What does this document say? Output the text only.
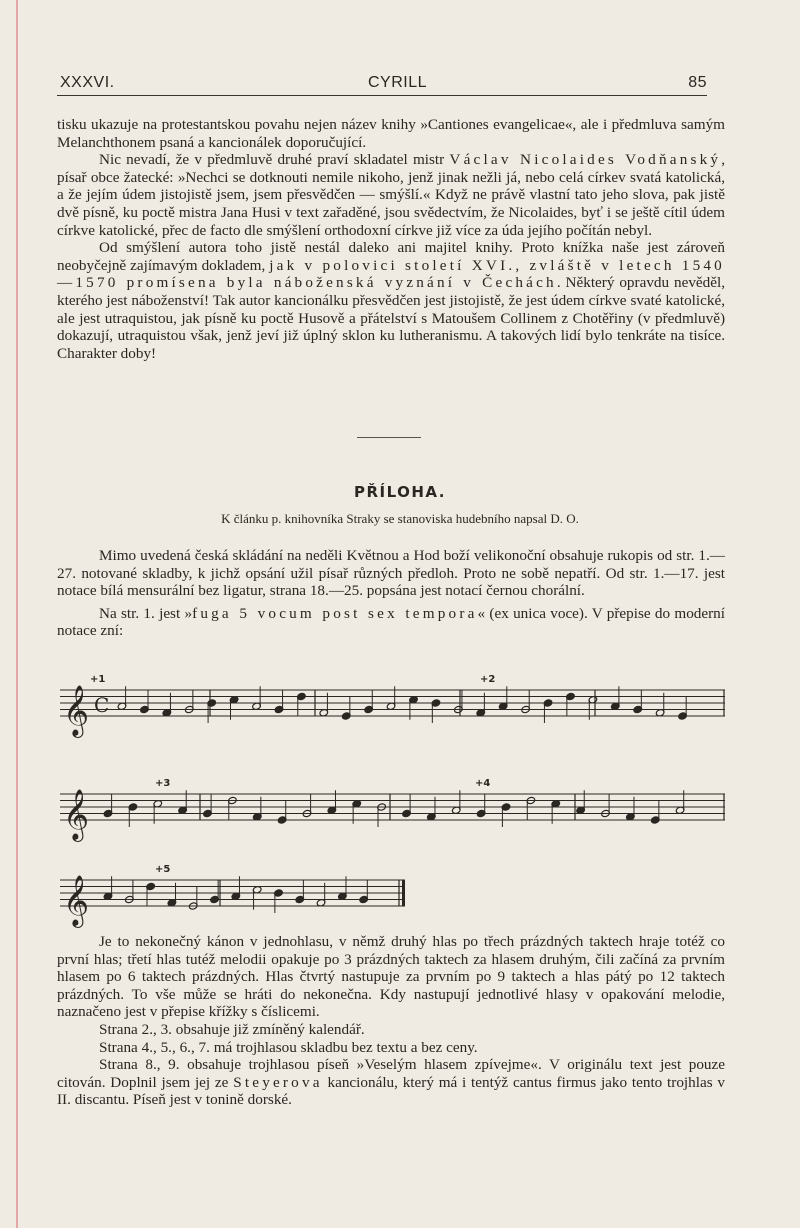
XXXVI.	CYRILL	85

tisku ukazuje na protestantskou povahu nejen název knihy »Cantiones evangelicae«, ale i předmluva samým Melanchthonem psaná a kancionálek doporučující.

Nic nevadí, že v předmluvě druhé praví skladatel mistr Václav Nicolaides Vodňanský, písař obce žatecké: »Nechci se dotknouti nemile nikoho, jenž jinak nežli já, nebo celá církev svatá katolická, a že jejím údem jistojistě jsem, jsem přesvědčen — smýšlí.« Když ne právě vlastní tato jeho slova, pak jistě dvě písně, ku poctě mistra Jana Husi v text zařaděné, jsou svědectvím, že Nicolaides, byť i se ještě cítil údem církve katolické, přec de facto dle smýšlení orthodoxní církve již více za úda jejího počítán nebyl.

Od smýšlení autora toho jistě nestál daleko ani majitel knihy. Proto knížka naše jest zároveň neobyčejně zajímavým dokladem, jak v polovici století XVI., zvláště v letech 1540—1570 promísena byla náboženská vyznání v Čechách. Některý opravdu nevěděl, kterého jest náboženství! Tak autor kancionálku přesvědčen jest jistojistě, že jest údem církve svaté katolické, ale jest utraquistou, jak písně ku poctě Husově a přátelství s Matoušem Collinem z Chotěřiny (v předmluvě) dokazují, utraquistou však, jenž jeví již úplný sklon ku lutheranismu. A takových lidí bylo tenkráte na tisíce. Charakter doby!

PŘÍLOHA.
K článku p. knihovníka Straky se stanoviska hudebního napsal D. O.

Mimo uvedená česká skládání na neděli Květnou a Hod boží velikonoční obsahuje rukopis od str. 1.—27. notované skladby, k jichž opsání užil písař různých předloh. Proto ne sobě nepatří. Od str. 1.—17. jest notace bílá mensurální bez ligatur, strana 18.—25. popsána jest notací černou chorální.

Na str. 1. jest »fuga 5 vocum post sex tempora« (ex unica voce). V přepise do moderní notace zní:

𝄞 C
+1	+2
𝄞
+3	+4
𝄞
+5

Je to nekonečný kánon v jednohlasu, v němž druhý hlas po třech prázdných taktech hraje totéž co první hlas; třetí hlas tutéž melodii opakuje po 3 prázdných taktech za hlasem druhým, čili začíná za prvním hlasem po 6 taktech prázdných. Hlas čtvrtý nastupuje za prvním po 9 taktech a hlas pátý po 12 taktech prázdných. To vše může se hráti do nekonečna. Kdy nastupují jednotlivé hlasy v opakování melodie, naznačeno jest v přepise křížky s číslicemi.

Strana 2., 3. obsahuje již zmíněný kalendář.

Strana 4., 5., 6., 7. má trojhlasou skladbu bez textu a bez ceny.

Strana 8., 9. obsahuje trojhlasou píseň »Veselým hlasem zpívejme«. V originálu text jest pouze citován. Doplnil jsem jej ze Steyerova kancionálu, který má i tentýž cantus firmus jako tento trojhlas v II. discantu. Píseň jest v tonině dorské.
